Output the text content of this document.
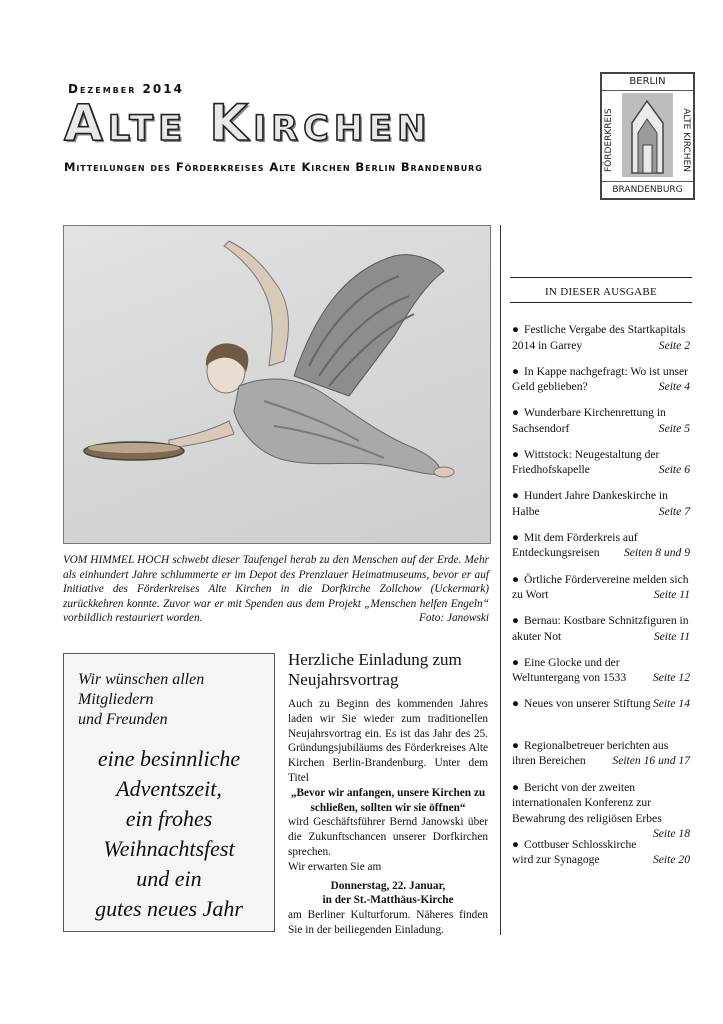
Dezember 2014
Alte Kirchen
Mitteilungen des Förderkreises Alte Kirchen Berlin Brandenburg
BERLIN
FÖRDERKREIS	ALTE KIRCHEN
BRANDENBURG
VOM HIMMEL HOCH schwebt dieser Taufengel herab zu den Menschen auf der Erde. Mehr als einhundert Jahre schlummerte er im Depot des Prenzlauer Heimatmuseums, bevor er auf Initiative des Förderkreises Alte Kirchen in die Dorfkirche Zollchow (Uckermark) zurückkehren konnte. Zuvor war er mit Spenden aus dem Projekt „Menschen helfen Engeln“ vorbildlich restauriert worden.	Foto: Janowski
IN DIESER AUSGABE
● Festliche Vergabe des Startkapitals 2014 in Garrey	Seite 2
● In Kappe nachgefragt: Wo ist unser Geld geblieben?	Seite 4
● Wunderbare Kirchenrettung in Sachsendorf	Seite 5
● Wittstock: Neugestaltung der Friedhofskapelle	Seite 6
● Hundert Jahre Dankeskirche in Halbe	Seite 7
● Mit dem Förderkreis auf Entdeckungsreisen Seiten 8 und 9
● Örtliche Fördervereine melden sich zu Wort	Seite 11
● Bernau: Kostbare Schnitzfiguren in akuter Not	Seite 11
● Eine Glocke und der Weltuntergang von 1533 Seite 12
● Neues von unserer Stiftung Seite 14
● Regionalbetreuer berichten aus ihren Bereichen Seiten 16 und 17
● Bericht von der zweiten internationalen Konferenz zur Bewahrung des religiösen Erbes
Seite 18
● Cottbuser Schlosskirche wird zur Synagoge	Seite 20
Wir wünschen allen
Mitgliedern
und Freunden
eine besinnliche
Adventszeit,
ein frohes
Weihnachtsfest
und ein
gutes neues Jahr
Herzliche Einladung zum Neujahrsvortrag

Auch zu Beginn des kommenden Jahres laden wir Sie wieder zum traditionellen Neujahrsvortrag ein. Es ist das Jahr des 25. Gründungsjubiläums des Förderkreises Alte Kirchen Berlin-Brandenburg. Unter dem Titel

„Bevor wir anfangen, unsere Kirchen zu schließen, sollten wir sie öffnen“

wird Geschäftsführer Bernd Janowski über die Zukunftschancen unserer Dorfkirchen sprechen.

Wir erwarten Sie am

Donnerstag, 22. Januar,

in der St.-Matthäus-Kirche

am Berliner Kulturforum. Näheres finden Sie in der beiliegenden Einladung.
